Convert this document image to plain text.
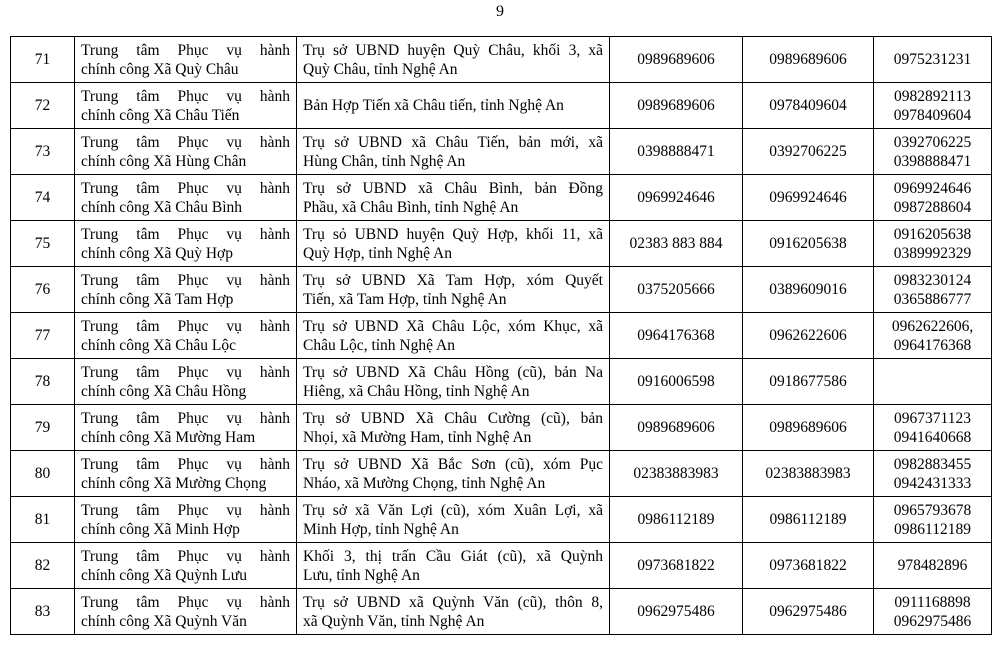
9
71	Trung tâm Phục vụ hành
chính công Xã Quỳ Châu	Trụ sở UBND huyện Quỳ Châu, khối 3, xã
Quỳ Châu, tỉnh Nghệ An	0989689606	0989689606	0975231231

72	Trung tâm Phục vụ hành
chính công Xã Châu Tiến	Bản Hợp Tiến xã Châu tiến, tỉnh Nghệ An	0989689606	0978409604	0982892113
0978409604

73	Trung tâm Phục vụ hành
chính công Xã Hùng Chân	Trụ sở UBND xã Châu Tiến, bản mới, xã
Hùng Chân, tỉnh Nghệ An	0398888471	0392706225	0392706225
0398888471

74	Trung tâm Phục vụ hành
chính công Xã Châu Bình	Trụ sở UBND xã Châu Bình, bản Đồng
Phầu, xã Châu Bình, tỉnh Nghệ An	0969924646	0969924646	0969924646
0987288604

75	Trung tâm Phục vụ hành
chính công Xã Quỳ Hợp	Trụ sỏ UBND huyện Quỳ Hợp, khối 11, xã
Quỳ Hợp, tỉnh Nghệ An	02383 883 884	0916205638	0916205638
0389992329

76	Trung tâm Phục vụ hành
chính công Xã Tam Hợp	Trụ sở UBND Xã Tam Hợp, xóm Quyết
Tiến, xã Tam Hợp, tỉnh Nghệ An	0375205666	0389609016	0983230124
0365886777

77	Trung tâm Phục vụ hành
chính công Xã Châu Lộc	Trụ sở UBND Xã Châu Lộc, xóm Khục, xã
Châu Lộc, tỉnh Nghệ An	0964176368	0962622606	0962622606,
0964176368

78	Trung tâm Phục vụ hành
chính công Xã Châu Hồng	Trụ sở UBND Xã Châu Hồng (cũ), bản Na
Hiêng, xã Châu Hồng, tỉnh Nghệ An	0916006598	0918677586	

79	Trung tâm Phục vụ hành
chính công Xã Mường Ham	Trụ sở UBND Xã Châu Cường (cũ), bản
Nhọi, xã Mường Ham, tỉnh Nghệ An	0989689606	0989689606	0967371123
0941640668

80	Trung tâm Phục vụ hành
chính công Xã Mường Chọng	Trụ sở UBND Xã Bắc Sơn (cũ), xóm Pục
Nháo, xã Mường Chọng, tỉnh Nghệ An	02383883983	02383883983	0982883455
0942431333

81	Trung tâm Phục vụ hành
chính công Xã Minh Hợp	Trụ sở xã Văn Lợi (cũ), xóm Xuân Lợi, xã
Minh Hợp, tỉnh Nghệ An	0986112189	0986112189	0965793678
0986112189

82	Trung tâm Phục vụ hành
chính công Xã Quỳnh Lưu	Khối 3, thị trấn Cầu Giát (cũ), xã Quỳnh
Lưu, tỉnh Nghệ An	0973681822	0973681822	978482896

83	Trung tâm Phục vụ hành
chính công Xã Quỳnh Văn	Trụ sở UBND xã Quỳnh Văn (cũ), thôn 8,
xã Quỳnh Văn, tỉnh Nghệ An	0962975486	0962975486	0911168898
0962975486
